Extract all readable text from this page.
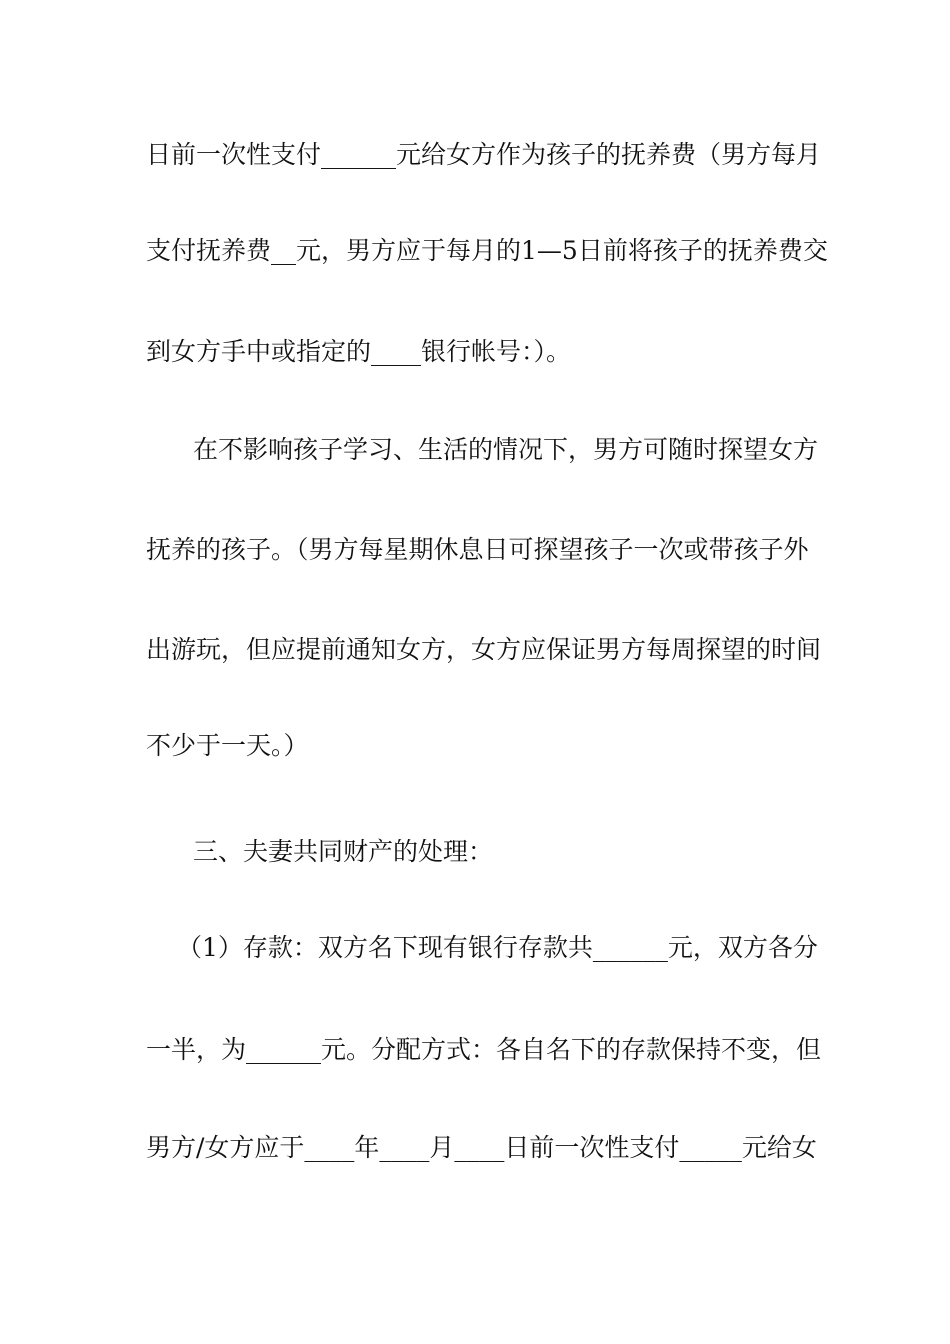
日前一次性支付______元给女方作为孩子的抚养费（男方每月
支付抚养费__元，男方应于每月的1—5日前将孩子的抚养费交
到女方手中或指定的____银行帐号：）。
在不影响孩子学习、生活的情况下，男方可随时探望女方
抚养的孩子。（男方每星期休息日可探望孩子一次或带孩子外
出游玩，但应提前通知女方，女方应保证男方每周探望的时间
不少于一天。）
三、夫妻共同财产的处理：
（1）存款：双方名下现有银行存款共______元，双方各分
一半，为______元。分配方式：各自名下的存款保持不变，但
男方/女方应于____年____月____日前一次性支付_____元给女
